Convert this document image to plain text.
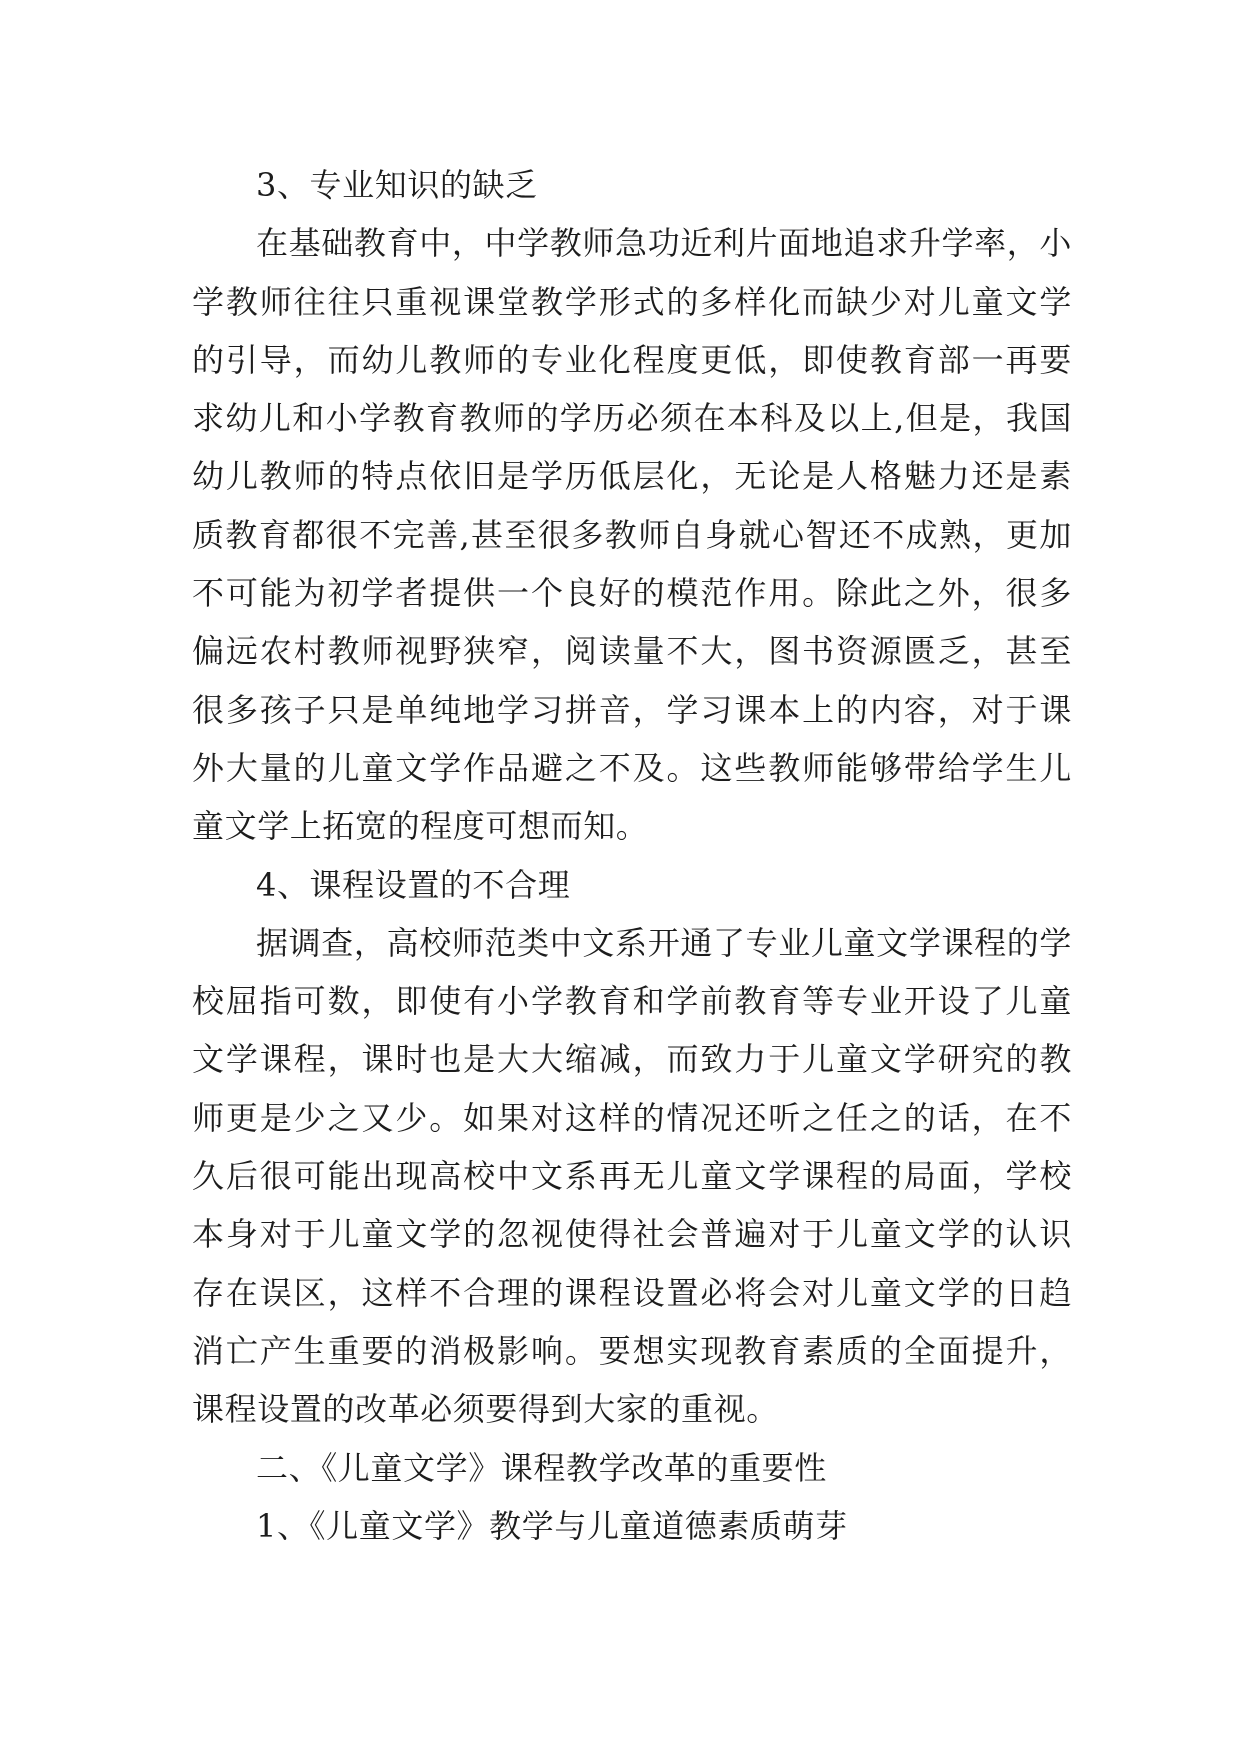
3、专业知识的缺乏

在基础教育中，中学教师急功近利片面地追求升学率，小学教师往往只重视课堂教学形式的多样化而缺少对儿童文学的引导，而幼儿教师的专业化程度更低，即使教育部一再要求幼儿和小学教育教师的学历必须在本科及以上,但是，我国幼儿教师的特点依旧是学历低层化，无论是人格魅力还是素质教育都很不完善,甚至很多教师自身就心智还不成熟，更加不可能为初学者提供一个良好的模范作用。除此之外，很多偏远农村教师视野狭窄，阅读量不大，图书资源匮乏，甚至很多孩子只是单纯地学习拼音，学习课本上的内容，对于课外大量的儿童文学作品避之不及。这些教师能够带给学生儿童文学上拓宽的程度可想而知。

4、课程设置的不合理

据调查，高校师范类中文系开通了专业儿童文学课程的学校屈指可数，即使有小学教育和学前教育等专业开设了儿童文学课程，课时也是大大缩减，而致力于儿童文学研究的教师更是少之又少。如果对这样的情况还听之任之的话，在不久后很可能出现高校中文系再无儿童文学课程的局面，学校本身对于儿童文学的忽视使得社会普遍对于儿童文学的认识存在误区，这样不合理的课程设置必将会对儿童文学的日趋消亡产生重要的消极影响。要想实现教育素质的全面提升，课程设置的改革必须要得到大家的重视。

二、《儿童文学》课程教学改革的重要性

1、《儿童文学》教学与儿童道德素质萌芽
